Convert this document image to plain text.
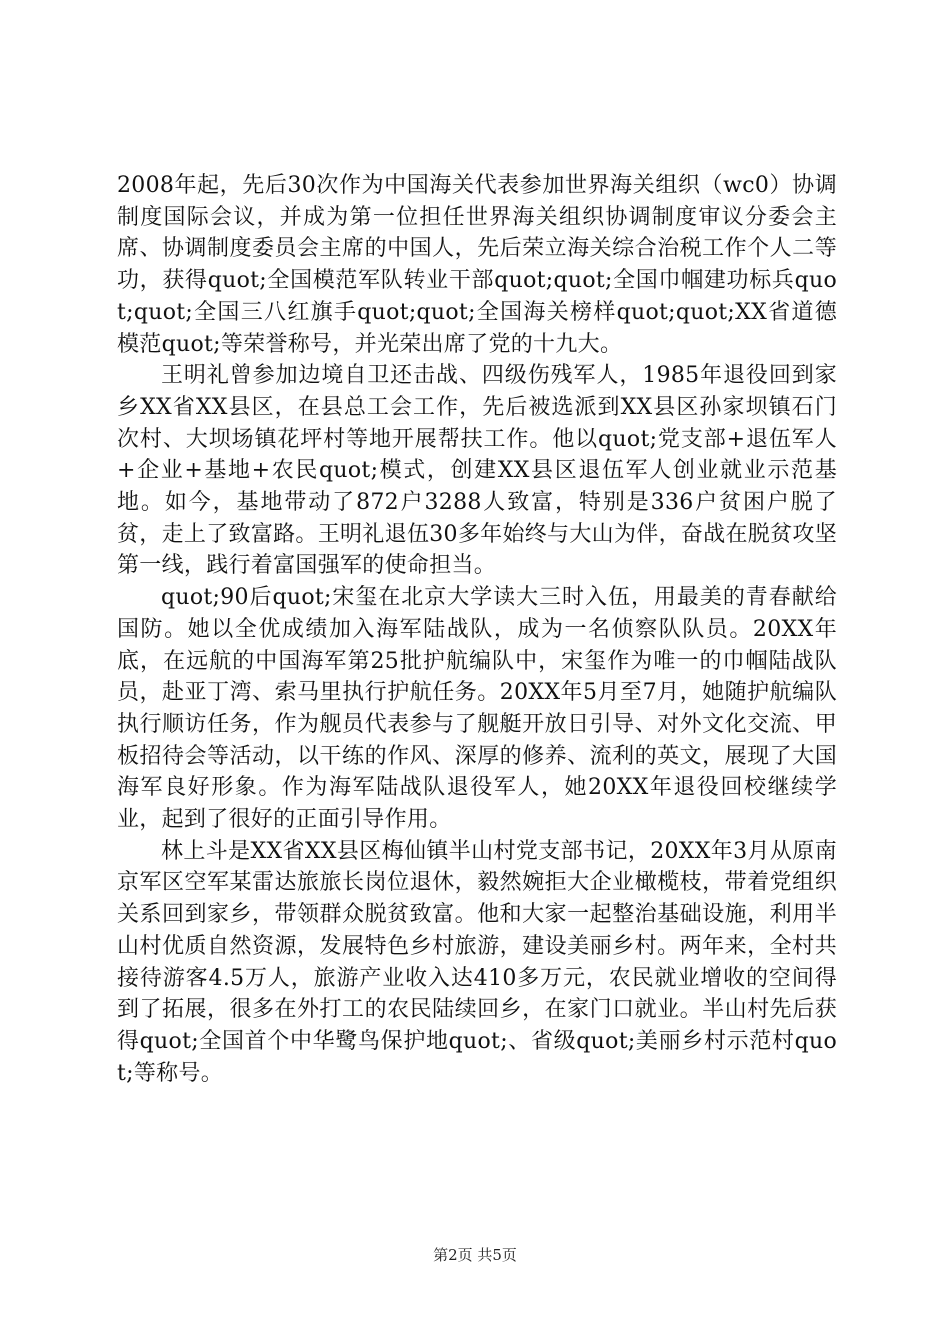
2008年起，先后30次作为中国海关代表参加世界海关组织（wc0）协调制度国际会议，并成为第一位担任世界海关组织协调制度审议分委会主席、协调制度委员会主席的中国人，先后荣立海关综合治税工作个人二等功，获得quot;全国模范军队转业干部quot;quot;全国巾帼建功标兵quot;quot;全国三八红旗手quot;quot;全国海关榜样quot;quot;XX省道德模范quot;等荣誉称号，并光荣出席了党的十九大。

王明礼曾参加边境自卫还击战、四级伤残军人，1985年退役回到家乡XX省XX县区，在县总工会工作，先后被选派到XX县区孙家坝镇石门次村、大坝场镇花坪村等地开展帮扶工作。他以quot;党支部+退伍军人+企业+基地+农民quot;模式，创建XX县区退伍军人创业就业示范基地。如今，基地带动了872户3288人致富，特别是336户贫困户脱了贫，走上了致富路。王明礼退伍30多年始终与大山为伴，奋战在脱贫攻坚第一线，践行着富国强军的使命担当。

quot;90后quot;宋玺在北京大学读大三时入伍，用最美的青春献给国防。她以全优成绩加入海军陆战队，成为一名侦察队队员。20XX年底，在远航的中国海军第25批护航编队中，宋玺作为唯一的巾帼陆战队员，赴亚丁湾、索马里执行护航任务。20XX年5月至7月，她随护航编队执行顺访任务，作为舰员代表参与了舰艇开放日引导、对外文化交流、甲板招待会等活动，以干练的作风、深厚的修养、流利的英文，展现了大国海军良好形象。作为海军陆战队退役军人，她20XX年退役回校继续学业，起到了很好的正面引导作用。

林上斗是XX省XX县区梅仙镇半山村党支部书记，20XX年3月从原南京军区空军某雷达旅旅长岗位退休，毅然婉拒大企业橄榄枝，带着党组织关系回到家乡，带领群众脱贫致富。他和大家一起整治基础设施，利用半山村优质自然资源，发展特色乡村旅游，建设美丽乡村。两年来，全村共接待游客4.5万人，旅游产业收入达410多万元，农民就业增收的空间得到了拓展，很多在外打工的农民陆续回乡，在家门口就业。半山村先后获得quot;全国首个中华鹭鸟保护地quot;、省级quot;美丽乡村示范村quot;等称号。

第2页 共5页
